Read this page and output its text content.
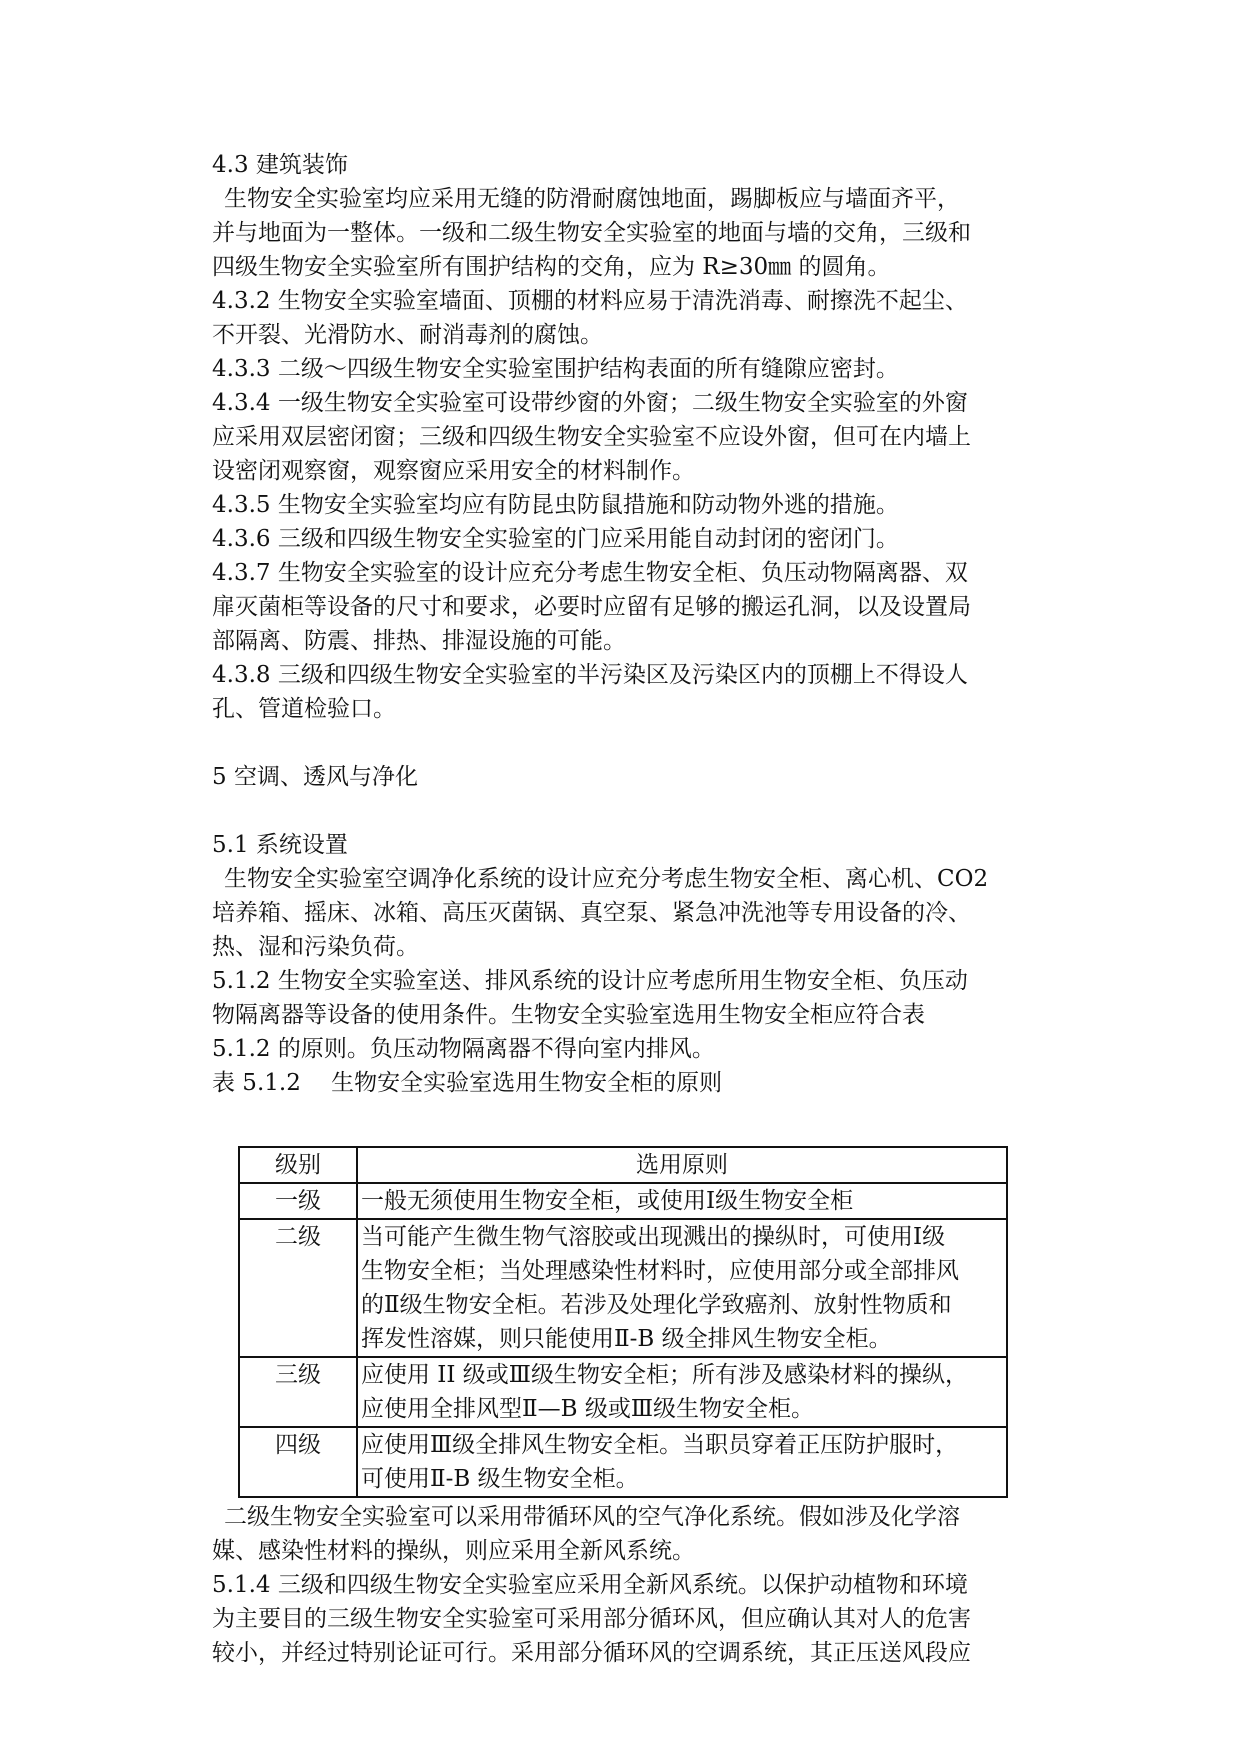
4.3 建筑装饰
生物安全实验室均应采用无缝的防滑耐腐蚀地面，踢脚板应与墙面齐平，
并与地面为一整体。一级和二级生物安全实验室的地面与墙的交角，三级和
四级生物安全实验室所有围护结构的交角，应为 R≥30㎜ 的圆角。
4.3.2 生物安全实验室墙面、顶棚的材料应易于清洗消毒、耐擦洗不起尘、
不开裂、光滑防水、耐消毒剂的腐蚀。
4.3.3 二级～四级生物安全实验室围护结构表面的所有缝隙应密封。
4.3.4 一级生物安全实验室可设带纱窗的外窗；二级生物安全实验室的外窗
应采用双层密闭窗；三级和四级生物安全实验室不应设外窗，但可在内墙上
设密闭观察窗，观察窗应采用安全的材料制作。
4.3.5 生物安全实验室均应有防昆虫防鼠措施和防动物外逃的措施。
4.3.6 三级和四级生物安全实验室的门应采用能自动封闭的密闭门。
4.3.7 生物安全实验室的设计应充分考虑生物安全柜、负压动物隔离器、双
扉灭菌柜等设备的尺寸和要求，必要时应留有足够的搬运孔洞，以及设置局
部隔离、防震、排热、排湿设施的可能。
4.3.8 三级和四级生物安全实验室的半污染区及污染区内的顶棚上不得设人
孔、管道检验口。
5 空调、透风与净化
5.1 系统设置
生物安全实验室空调净化系统的设计应充分考虑生物安全柜、离心机、CO2
培养箱、摇床、冰箱、高压灭菌锅、真空泵、紧急冲洗池等专用设备的冷、
热、湿和污染负荷。
5.1.2 生物安全实验室送、排风系统的设计应考虑所用生物安全柜、负压动
物隔离器等设备的使用条件。生物安全实验室选用生物安全柜应符合表
5.1.2 的原则。负压动物隔离器不得向室内排风。
表 5.1.2　 生物安全实验室选用生物安全柜的原则
级别	选用原则
一级	一般无须使用生物安全柜，或使用Ⅰ级生物安全柜

二级	当可能产生微生物气溶胶或出现溅出的操纵时，可使用Ⅰ级
生物安全柜；当处理感染性材料时，应使用部分或全部排风
的Ⅱ级生物安全柜。若涉及处理化学致癌剂、放射性物质和
挥发性溶媒，则只能使用Ⅱ-B 级全排风生物安全柜。

三级	应使用 II 级或Ⅲ级生物安全柜；所有涉及感染材料的操纵，
应使用全排风型Ⅱ—B 级或Ⅲ级生物安全柜。

四级	应使用Ⅲ级全排风生物安全柜。当职员穿着正压防护服时，
可使用Ⅱ-B 级生物安全柜。
二级生物安全实验室可以采用带循环风的空气净化系统。假如涉及化学溶
媒、感染性材料的操纵，则应采用全新风系统。
5.1.4 三级和四级生物安全实验室应采用全新风系统。以保护动植物和环境
为主要目的三级生物安全实验室可采用部分循环风，但应确认其对人的危害
较小，并经过特别论证可行。采用部分循环风的空调系统，其正压送风段应
